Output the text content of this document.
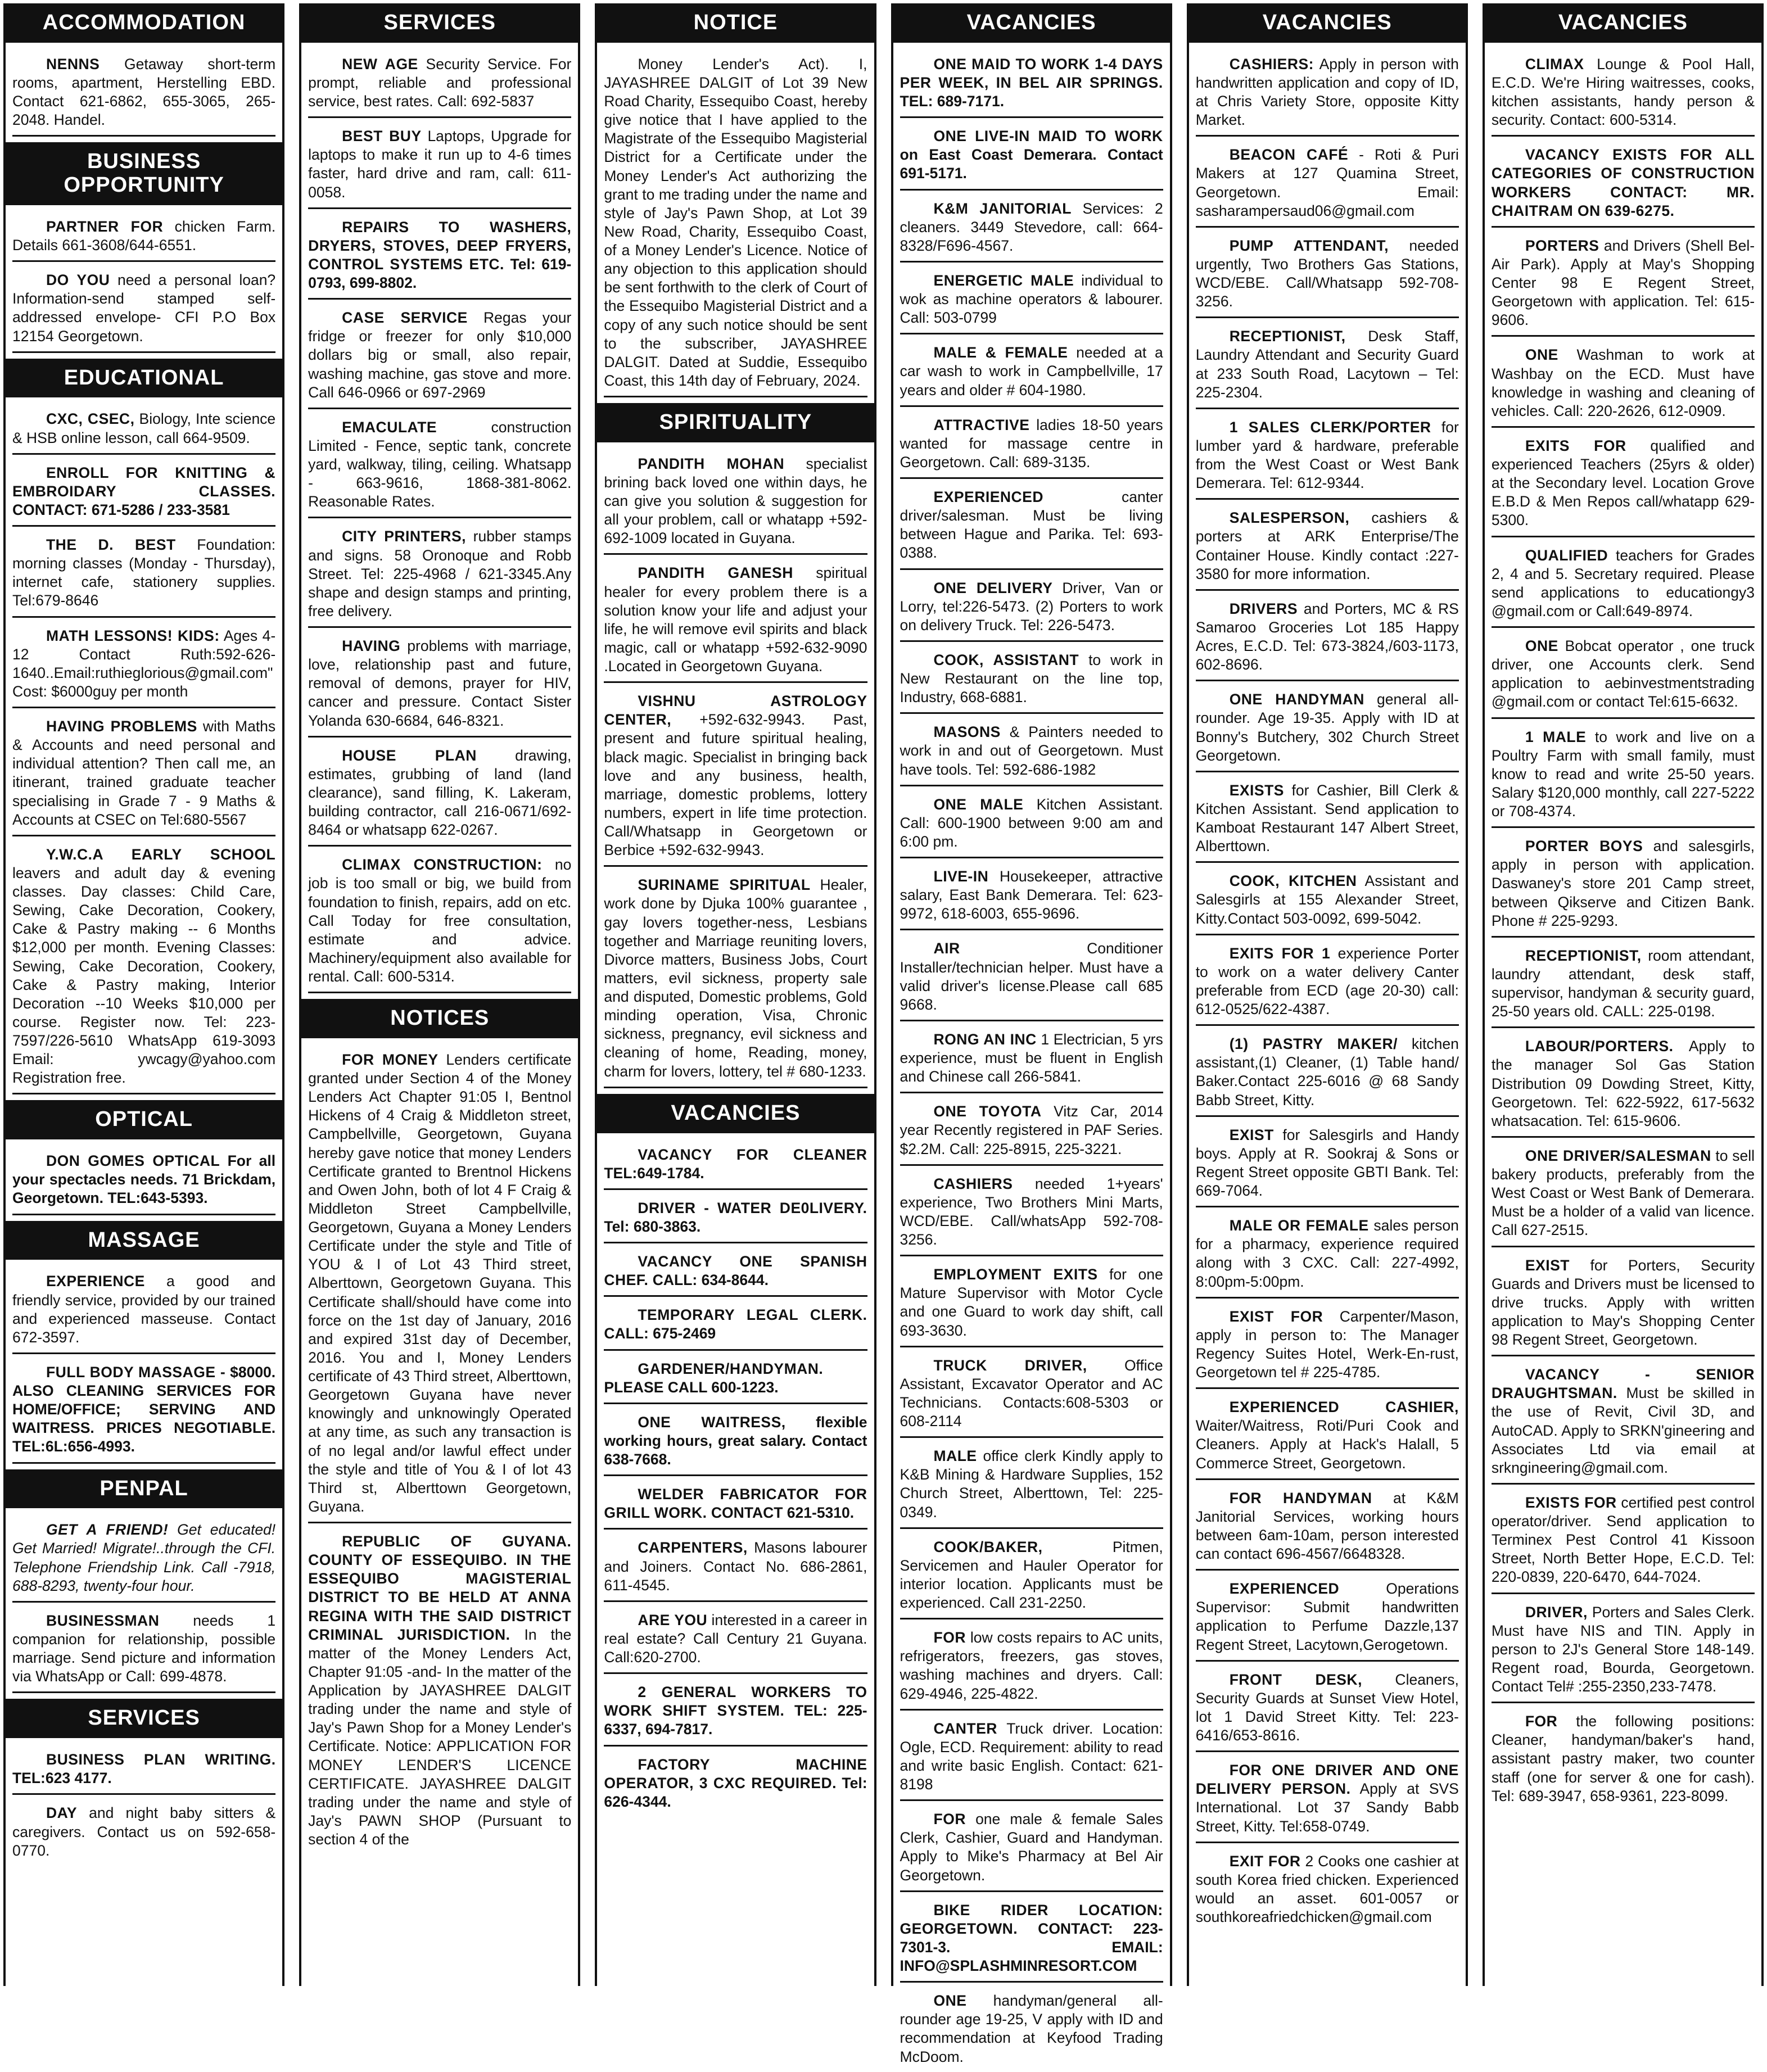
ACCOMMODATION
NENNS Getaway short-term rooms, apartment, Herstelling EBD. Contact 621-6862, 655-3065, 265-2048. Handel.
BUSINESS OPPORTUNITY
PARTNER FOR chicken Farm. Details 661-3608/644-6551.
DO YOU need a personal loan? Information-send stamped self-addressed envelope- CFI P.O Box 12154 Georgetown.
EDUCATIONAL
CXC, CSEC, Biology, Inte science & HSB online lesson, call 664-9509.
ENROLL FOR KNITTING & EMBROIDARY CLASSES. CONTACT: 671-5286 / 233-3581
THE D. BEST Foundation: morning classes (Monday - Thursday), internet cafe, stationery supplies. Tel:679-8646
MATH LESSONS! KIDS: Ages 4-12 Contact Ruth:592-626-1640..Email:ruthieglorious@gmail.com" Cost: $6000guy per month
HAVING PROBLEMS with Maths & Accounts and need personal and individual attention? Then call me, an itinerant, trained graduate teacher specialising in Grade 7 - 9 Maths & Accounts at CSEC on Tel:680-5567
Y.W.C.A EARLY SCHOOL leavers and adult day & evening classes. Day classes: Child Care, Sewing, Cake Decoration, Cookery, Cake & Pastry making -- 6 Months $12,000 per month. Evening Classes: Sewing, Cake Decoration, Cookery, Cake & Pastry making, Interior Decoration --10 Weeks $10,000 per course. Register now. Tel: 223-7597/226-5610 WhatsApp 619-3093 Email: ywcagy@yahoo.com Registration free.
OPTICAL
DON GOMES OPTICAL For all your spectacles needs. 71 Brickdam, Georgetown. TEL:643-5393.
MASSAGE
EXPERIENCE a good and friendly service, provided by our trained and experienced masseuse. Contact 672-3597.
FULL BODY MASSAGE - $8000. ALSO CLEANING SERVICES FOR HOME/OFFICE; SERVING AND WAITRESS. PRICES NEGOTIABLE. TEL:6L:656-4993.
PENPAL
GET A FRIEND! Get educated! Get Married! Migrate!..through the CFI. Telephone Friendship Link. Call -7918, 688-8293, twenty-four hour.
BUSINESSMAN needs 1 companion for relationship, possible marriage. Send picture and information via WhatsApp or Call: 699-4878.
SERVICES
BUSINESS PLAN WRITING. TEL:623 4177.
DAY and night baby sitters & caregivers. Contact us on 592-658-0770.
SERVICES
NEW AGE Security Service. For prompt, reliable and professional service, best rates. Call: 692-5837
BEST BUY Laptops, Upgrade for laptops to make it run up to 4-6 times faster, hard drive and ram, call: 611-0058.
REPAIRS TO WASHERS, DRYERS, STOVES, DEEP FRYERS, CONTROL SYSTEMS ETC. Tel: 619-0793, 699-8802.
CASE SERVICE Regas your fridge or freezer for only $10,000 dollars big or small, also repair, washing machine, gas stove and more. Call 646-0966 or 697-2969
EMACULATE construction Limited - Fence, septic tank, concrete yard, walkway, tiling, ceiling. Whatsapp - 663-9616, 1868-381-8062. Reasonable Rates.
CITY PRINTERS, rubber stamps and signs. 58 Oronoque and Robb Street. Tel: 225-4968 / 621-3345.Any shape and design stamps and printing, free delivery.
HAVING problems with marriage, love, relationship past and future, removal of demons, prayer for HIV, cancer and pressure. Contact Sister Yolanda 630-6684, 646-8321.
HOUSE PLAN drawing, estimates, grubbing of land (land clearance), sand filling, K. Lakeram, building contractor, call 216-0671/692-8464 or whatsapp 622-0267.
CLIMAX CONSTRUCTION: no job is too small or big, we build from foundation to finish, repairs, add on etc. Call Today for free consultation, estimate and advice. Machinery/equipment also available for rental. Call: 600-5314.
NOTICES
FOR MONEY Lenders certificate granted under Section 4 of the Money Lenders Act Chapter 91:05 I, Bentnol Hickens of 4 Craig & Middleton street, Campbellville, Georgetown, Guyana hereby gave notice that money Lenders Certificate granted to Brentnol Hickens and Owen John, both of lot 4 F Craig & Middleton Street Campbellville, Georgetown, Guyana a Money Lenders Certificate under the style and Title of YOU & I of Lot 43 Third street, Alberttown, Georgetown Guyana. This Certificate shall/should have come into force on the 1st day of January, 2016 and expired 31st day of December, 2016. You and I, Money Lenders certificate of 43 Third street, Alberttown, Georgetown Guyana have never knowingly and unknowingly Operated at any time, as such any transaction is of no legal and/or lawful effect under the style and title of You & I of lot 43 Third st, Alberttown Georgetown, Guyana.
REPUBLIC OF GUYANA. COUNTY OF ESSEQUIBO. IN THE ESSEQUIBO MAGISTERIAL DISTRICT TO BE HELD AT ANNA REGINA WITH THE SAID DISTRICT CRIMINAL JURISDICTION. In the matter of the Money Lenders Act, Chapter 91:05 -and- In the matter of the Application by JAYASHREE DALGIT trading under the name and style of Jay's Pawn Shop for a Money Lender's Certificate. Notice: APPLICATION FOR MONEY LENDER'S LICENCE CERTIFICATE. JAYASHREE DALGIT trading under the name and style of Jay's PAWN SHOP (Pursuant to section 4 of the
NOTICE
Money Lender's Act). I, JAYASHREE DALGIT of Lot 39 New Road Charity, Essequibo Coast, hereby give notice that I have applied to the Magistrate of the Essequibo Magisterial District for a Certificate under the Money Lender's Act authorizing the grant to me trading under the name and style of Jay's Pawn Shop, at Lot 39 New Road, Charity, Essequibo Coast, of a Money Lender's Licence. Notice of any objection to this application should be sent forthwith to the clerk of Court of the Essequibo Magisterial District and a copy of any such notice should be sent to the subscriber, JAYASHREE DALGIT. Dated at Suddie, Essequibo Coast, this 14th day of February, 2024.
SPIRITUALITY
PANDITH MOHAN specialist brining back loved one within days, he can give you solution & suggestion for all your problem, call or whatapp +592-692-1009 located in Guyana.
PANDITH GANESH spiritual healer for every problem there is a solution know your life and adjust your life, he will remove evil spirits and black magic, call or whatapp +592-632-9090 .Located in Georgetown Guyana.
VISHNU ASTROLOGY CENTER, +592-632-9943. Past, present and future spiritual healing, black magic. Specialist in bringing back love and any business, health, marriage, domestic problems, lottery numbers, expert in life time protection. Call/Whatsapp in Georgetown or Berbice +592-632-9943.
SURINAME SPIRITUAL Healer, work done by Djuka 100% guarantee , gay lovers together-ness, Lesbians together and Marriage reuniting lovers, Divorce matters, Business Jobs, Court matters, evil sickness, property sale and disputed, Domestic problems, Gold minding operation, Visa, Chronic sickness, pregnancy, evil sickness and cleaning of home, Reading, money, charm for lovers, lottery, tel # 680-1233.
VACANCIES
VACANCY FOR CLEANER TEL:649-1784.
DRIVER - WATER DE0LIVERY. Tel: 680-3863.
VACANCY ONE SPANISH CHEF. CALL: 634-8644.
TEMPORARY LEGAL CLERK. CALL: 675-2469
GARDENER/HANDYMAN. PLEASE CALL 600-1223.
ONE WAITRESS, flexible working hours, great salary. Contact 638-7668.
WELDER FABRICATOR FOR GRILL WORK. CONTACT 621-5310.
CARPENTERS, Masons labourer and Joiners. Contact No. 686-2861, 611-4545.
ARE YOU interested in a career in real estate? Call Century 21 Guyana. Call:620-2700.
2 GENERAL WORKERS TO WORK SHIFT SYSTEM. TEL: 225-6337, 694-7817.
FACTORY MACHINE OPERATOR, 3 CXC REQUIRED. Tel: 626-4344.
VACANCIES
ONE MAID TO WORK 1-4 DAYS PER WEEK, IN BEL AIR SPRINGS. TEL: 689-7171.
ONE LIVE-IN MAID TO WORK on East Coast Demerara. Contact 691-5171.
K&M JANITORIAL Services: 2 cleaners. 3449 Stevedore, call: 664-8328/F696-4567.
ENERGETIC MALE individual to wok as machine operators & labourer. Call: 503-0799
MALE & FEMALE needed at a car wash to work in Campbellville, 17 years and older # 604-1980.
ATTRACTIVE ladies 18-50 years wanted for massage centre in Georgetown. Call: 689-3135.
EXPERIENCED canter driver/salesman. Must be living between Hague and Parika. Tel: 693-0388.
ONE DELIVERY Driver, Van or Lorry, tel:226-5473. (2) Porters to work on delivery Truck. Tel: 226-5473.
COOK, ASSISTANT to work in New Restaurant on the line top, Industry, 668-6881.
MASONS & Painters needed to work in and out of Georgetown. Must have tools. Tel: 592-686-1982
ONE MALE Kitchen Assistant. Call: 600-1900 between 9:00 am and 6:00 pm.
LIVE-IN Housekeeper, attractive salary, East Bank Demerara. Tel: 623-9972, 618-6003, 655-9696.
AIR Conditioner Installer/technician helper. Must have a valid driver's license.Please call 685 9668.
RONG AN INC 1 Electrician, 5 yrs experience, must be fluent in English and Chinese call 266-5841.
ONE TOYOTA Vitz Car, 2014 year Recently registered in PAF Series. $2.2M. Call: 225-8915, 225-3221.
CASHIERS needed 1+years' experience, Two Brothers Mini Marts, WCD/EBE. Call/whatsApp 592-708-3256.
EMPLOYMENT EXITS for one Mature Supervisor with Motor Cycle and one Guard to work day shift, call 693-3630.
TRUCK DRIVER, Office Assistant, Excavator Operator and AC Technicians. Contacts:608-5303 or 608-2114
MALE office clerk Kindly apply to K&B Mining & Hardware Supplies, 152 Church Street, Alberttown, Tel: 225-0349.
COOK/BAKER, Pitmen, Servicemen and Hauler Operator for interior location. Applicants must be experienced. Call 231-2250.
FOR low costs repairs to AC units, refrigerators, freezers, gas stoves, washing machines and dryers. Call: 629-4946, 225-4822.
CANTER Truck driver. Location: Ogle, ECD. Requirement: ability to read and write basic English. Contact: 621-8198
FOR one male & female Sales Clerk, Cashier, Guard and Handyman. Apply to Mike's Pharmacy at Bel Air Georgetown.
BIKE RIDER LOCATION: GEORGETOWN. CONTACT: 223-7301-3. EMAIL: INFO@SPLASHMINRESORT.COM
ONE handyman/general all-rounder age 19-25, V apply with ID and recommendation at Keyfood Trading McDoom.
VACANCIES
CASHIERS: Apply in person with handwritten application and copy of ID, at Chris Variety Store, opposite Kitty Market.
BEACON CAFÉ - Roti & Puri Makers at 127 Quamina Street, Georgetown. Email: sasharampersaud06@gmail.com
PUMP ATTENDANT, needed urgently, Two Brothers Gas Stations, WCD/EBE. Call/Whatsapp 592-708-3256.
RECEPTIONIST, Desk Staff, Laundry Attendant and Security Guard at 233 South Road, Lacytown – Tel: 225-2304.
1 SALES CLERK/PORTER for lumber yard & hardware, preferable from the West Coast or West Bank Demerara. Tel: 612-9344.
SALESPERSON, cashiers & porters at ARK Enterprise/The Container House. Kindly contact :227-3580 for more information.
DRIVERS and Porters, MC & RS Samaroo Groceries Lot 185 Happy Acres, E.C.D. Tel: 673-3824,/603-1173, 602-8696.
ONE HANDYMAN general all-rounder. Age 19-35. Apply with ID at Bonny's Butchery, 302 Church Street Georgetown.
EXISTS for Cashier, Bill Clerk & Kitchen Assistant. Send application to Kamboat Restaurant 147 Albert Street, Alberttown.
COOK, KITCHEN Assistant and Salesgirls at 155 Alexander Street, Kitty.Contact 503-0092, 699-5042.
EXITS FOR 1 experience Porter to work on a water delivery Canter preferable from ECD (age 20-30) call: 612-0525/622-4387.
(1) PASTRY MAKER/ kitchen assistant,(1) Cleaner, (1) Table hand/ Baker.Contact 225-6016 @ 68 Sandy Babb Street, Kitty.
EXIST for Salesgirls and Handy boys. Apply at R. Sookraj & Sons or Regent Street opposite GBTI Bank. Tel: 669-7064.
MALE OR FEMALE sales person for a pharmacy, experience required along with 3 CXC. Call: 227-4992, 8:00pm-5:00pm.
EXIST FOR Carpenter/Mason, apply in person to: The Manager Regency Suites Hotel, Werk-En-rust, Georgetown tel # 225-4785.
EXPERIENCED CASHIER, Waiter/Waitress, Roti/Puri Cook and Cleaners. Apply at Hack's Halall, 5 Commerce Street, Georgetown.
FOR HANDYMAN at K&M Janitorial Services, working hours between 6am-10am, person interested can contact 696-4567/6648328.
EXPERIENCED Operations Supervisor: Submit handwritten application to Perfume Dazzle,137 Regent Street, Lacytown,Gerogetown.
FRONT DESK, Cleaners, Security Guards at Sunset View Hotel, lot 1 David Street Kitty. Tel: 223-6416/653-8616.
FOR ONE DRIVER AND ONE DELIVERY PERSON. Apply at SVS International. Lot 37 Sandy Babb Street, Kitty. Tel:658-0749.
EXIT FOR 2 Cooks one cashier at south Korea fried chicken. Experienced would an asset. 601-0057 or southkoreafriedchicken@gmail.com
VACANCIES
CLIMAX Lounge & Pool Hall, E.C.D. We're Hiring waitresses, cooks, kitchen assistants, handy person & security. Contact: 600-5314.
VACANCY EXISTS FOR ALL CATEGORIES OF CONSTRUCTION WORKERS CONTACT: MR. CHAITRAM ON 639-6275.
PORTERS and Drivers (Shell Bel-Air Park). Apply at May's Shopping Center 98 E Regent Street, Georgetown with application. Tel: 615-9606.
ONE Washman to work at Washbay on the ECD. Must have knowledge in washing and cleaning of vehicles. Call: 220-2626, 612-0909.
EXITS FOR qualified and experienced Teachers (25yrs & older) at the Secondary level. Location Grove E.B.D & Men Repos call/whatapp 629-5300.
QUALIFIED teachers for Grades 2, 4 and 5. Secretary required. Please send applications to educationgy3 @gmail.com or Call:649-8974.
ONE Bobcat operator , one truck driver, one Accounts clerk. Send application to aebinvestmentstrading @gmail.com or contact Tel:615-6632.
1 MALE to work and live on a Poultry Farm with small family, must know to read and write 25-50 years. Salary $120,000 monthly, call 227-5222 or 708-4374.
PORTER BOYS and salesgirls, apply in person with application. Daswaney's store 201 Camp street, between Qikserve and Citizen Bank. Phone # 225-9293.
RECEPTIONIST, room attendant, laundry attendant, desk staff, supervisor, handyman & security guard, 25-50 years old. CALL: 225-0198.
LABOUR/PORTERS. Apply to the manager Sol Gas Station Distribution 09 Dowding Street, Kitty, Georgetown. Tel: 622-5922, 617-5632 whatsacation. Tel: 615-9606.
ONE DRIVER/SALESMAN to sell bakery products, preferably from the West Coast or West Bank of Demerara. Must be a holder of a valid van licence. Call 627-2515.
EXIST for Porters, Security Guards and Drivers must be licensed to drive trucks. Apply with written application to May's Shopping Center 98 Regent Street, Georgetown.
VACANCY - SENIOR DRAUGHTSMAN. Must be skilled in the use of Revit, Civil 3D, and AutoCAD. Apply to SRKN'gineering and Associates Ltd via email at srkngineering@gmail.com.
EXISTS FOR certified pest control operator/driver. Send application to Terminex Pest Control 41 Kissoon Street, North Better Hope, E.C.D. Tel: 220-0839, 220-6470, 644-7024.
DRIVER, Porters and Sales Clerk. Must have NIS and TIN. Apply in person to 2J's General Store 148-149. Regent road, Bourda, Georgetown. Contact Tel# :255-2350,233-7478.
FOR the following positions: Cleaner, handyman/baker's hand, assistant pastry maker, two counter staff (one for server & one for cash). Tel: 689-3947, 658-9361, 223-8099.
